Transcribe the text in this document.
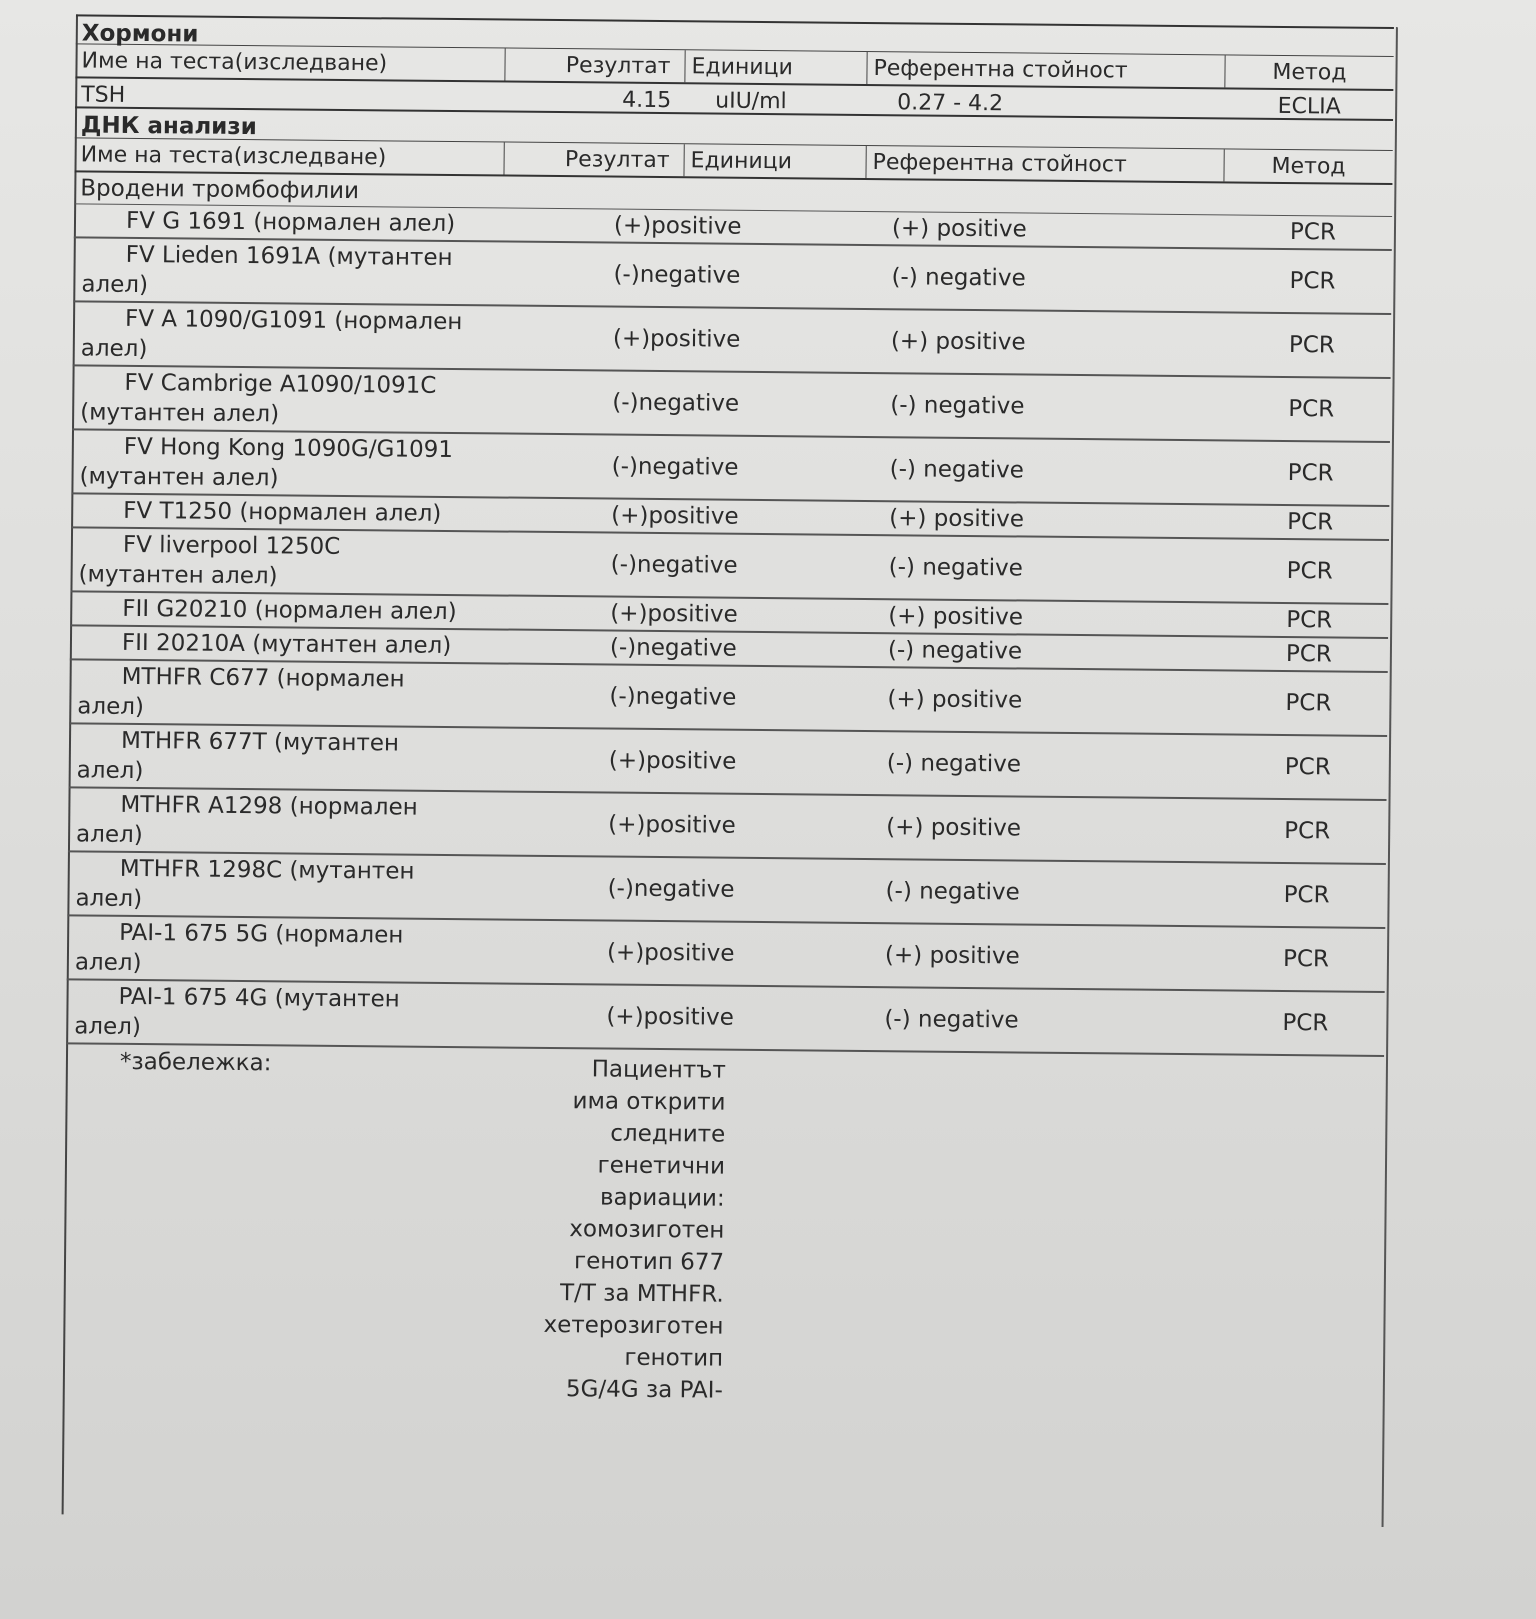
Хормони
Име на теста(изследване)	Резултат Единици	Референтна стойност	Метод
TSH	4.15	uIU/ml	0.27 - 4.2	ECLIA
ДНК анализи
Име на теста(изследване)	Резултат Единици	Референтна стойност	Метод
Вродени тромбофилии
FV G 1691 (нормален алел)	(+)positive	(+) positive	PCR
FV Lieden 1691A (мутантен
алел)	(-)negative	(-) negative	PCR
FV A 1090/G1091 (нормален
алел)	(+)positive	(+) positive	PCR
FV Cambrige A1090/1091C
(мутантен алел)	(-)negative	(-) negative	PCR
FV Hong Kong 1090G/G1091
(мутантен алел)	(-)negative	(-) negative	PCR
FV T1250 (нормален алел)	(+)positive	(+) positive	PCR
FV liverpool 1250C
(мутантен алел)	(-)negative	(-) negative	PCR
FII G20210 (нормален алел)	(+)positive	(+) positive	PCR
FII 20210A (мутантен алел)	(-)negative	(-) negative	PCR
MTHFR C677 (нормален
алел)	(-)negative	(+) positive	PCR
MTHFR 677T (мутантен
алел)	(+)positive	(-) negative	PCR
MTHFR A1298 (нормален
алел)	(+)positive	(+) positive	PCR
MTHFR 1298C (мутантен
алел)	(-)negative	(-) negative	PCR
PAI-1 675 5G (нормален
алел)	(+)positive	(+) positive	PCR
PAI-1 675 4G (мутантен
алел)	(+)positive	(-) negative	PCR
*забележка:	Пациентът
има открити
следните
генетични
вариации:
хомозиготен
генотип 677
T/T за MTHFR.
хетерозиготен
генотип
5G/4G за PAI-
